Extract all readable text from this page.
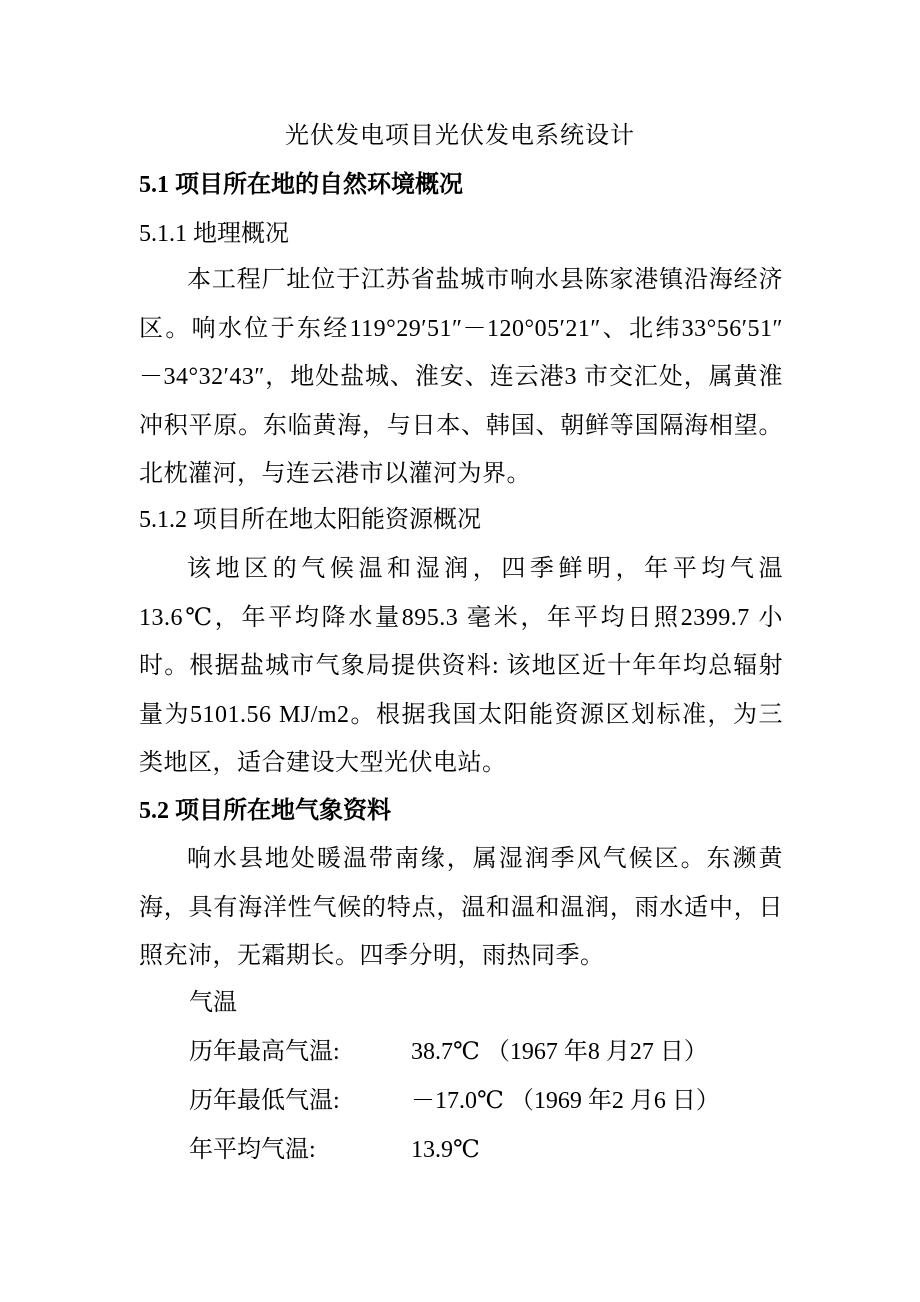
光伏发电项目光伏发电系统设计
5.1 项目所在地的自然环境概况
5.1.1 地理概况
本工程厂址位于江苏省盐城市响水县陈家港镇沿海经济区。响水位于东经119°29′51″－120°05′21″、北纬33°56′51″－34°32′43″，地处盐城、淮安、连云港3 市交汇处，属黄淮冲积平原。东临黄海，与日本、韩国、朝鲜等国隔海相望。北枕灌河，与连云港市以灌河为界。
5.1.2 项目所在地太阳能资源概况
该地区的气候温和湿润，四季鲜明，年平均气温13.6℃，年平均降水量895.3 毫米，年平均日照2399.7 小时。根据盐城市气象局提供资料: 该地区近十年年均总辐射量为5101.56 MJ/m2。根据我国太阳能资源区划标准，为三类地区，适合建设大型光伏电站。
5.2 项目所在地气象资料
响水县地处暖温带南缘，属湿润季风气候区。东濒黄海，具有海洋性气候的特点，温和温和温润，雨水适中，日照充沛，无霜期长。四季分明，雨热同季。
气温
历年最高气温:	38.7℃ （1967 年8 月27 日）
历年最低气温:	－17.0℃ （1969 年2 月6 日）
年平均气温:	13.9℃
